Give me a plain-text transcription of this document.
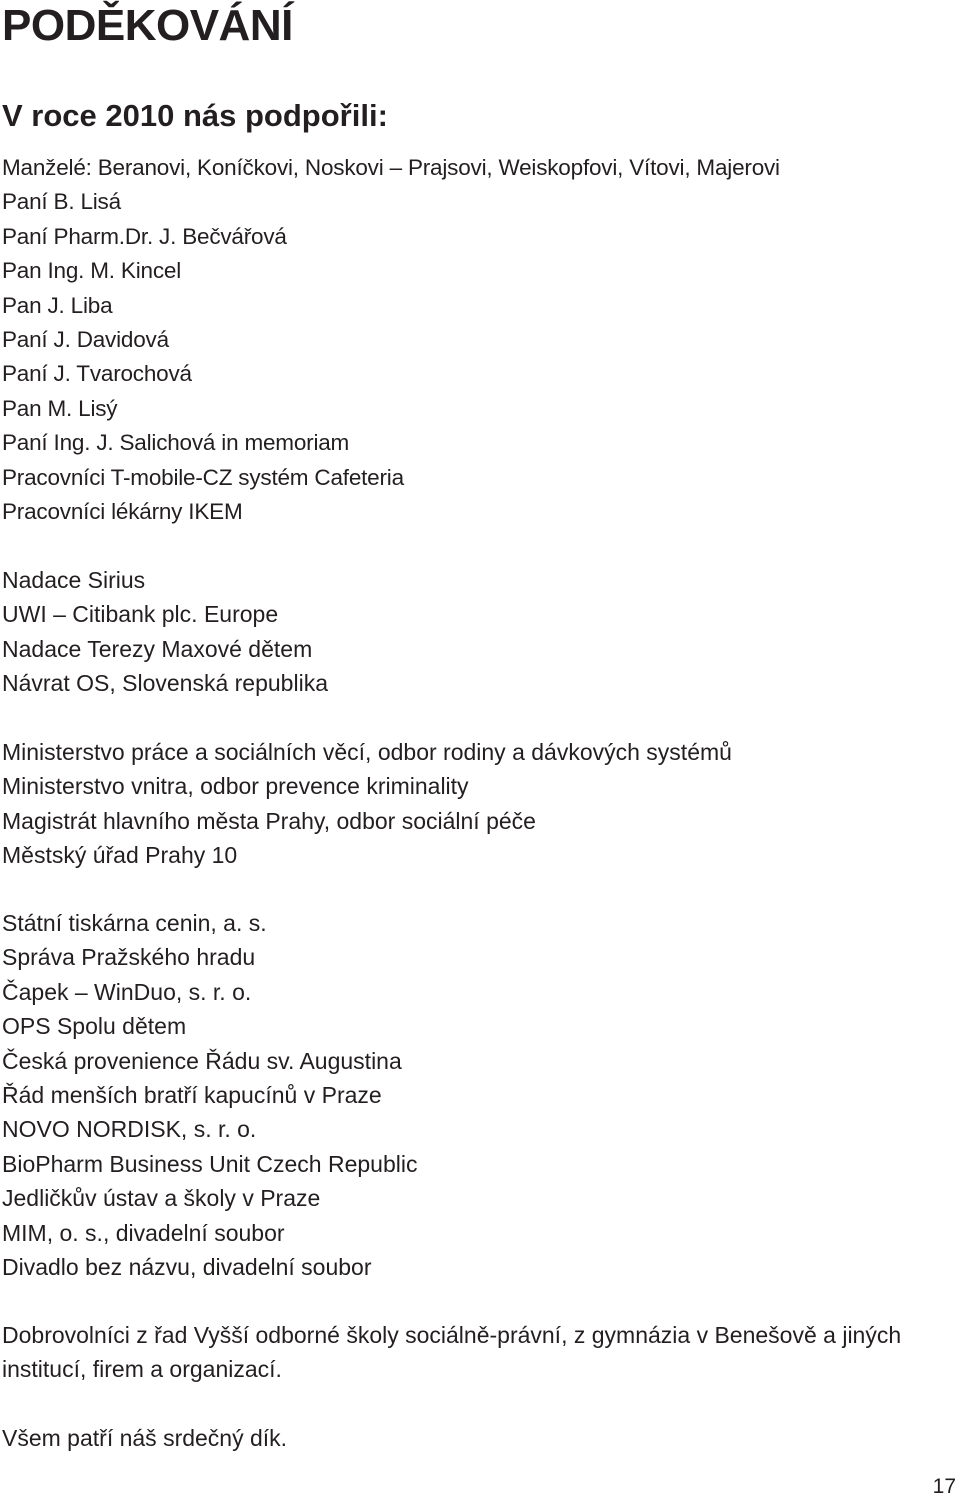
PODĚKOVÁNÍ
V roce 2010 nás podpořili:
Manželé: Beranovi, Koníčkovi, Noskovi – Prajsovi, Weiskopfovi, Vítovi, Majerovi
Paní B. Lisá
Paní Pharm.Dr. J. Bečvářová
Pan Ing. M. Kincel
Pan J. Liba
Paní J. Davidová
Paní J. Tvarochová
Pan M. Lisý
Paní Ing. J. Salichová in memoriam
Pracovníci T-mobile-CZ systém Cafeteria
Pracovníci lékárny IKEM
Nadace Sirius
UWI – Citibank plc. Europe
Nadace Terezy Maxové dětem
Návrat OS, Slovenská republika
Ministerstvo práce a sociálních věcí, odbor rodiny a dávkových systémů
Ministerstvo vnitra, odbor prevence kriminality
Magistrát hlavního města Prahy, odbor sociální péče
Městský úřad Prahy 10
Státní tiskárna cenin, a. s.
Správa Pražského hradu
Čapek – WinDuo, s. r. o.
OPS Spolu dětem
Česká provenience Řádu sv. Augustina
Řád menších bratří kapucínů v Praze
NOVO NORDISK, s. r. o.
BioPharm Business Unit Czech Republic
Jedličkův ústav a školy v Praze
MIM, o. s., divadelní soubor
Divadlo bez názvu, divadelní soubor

Dobrovolníci z řad Vyšší odborné školy sociálně-právní, z gymnázia v Benešově a jiných institucí, firem a organizací.

Všem patří náš srdečný dík.

17
